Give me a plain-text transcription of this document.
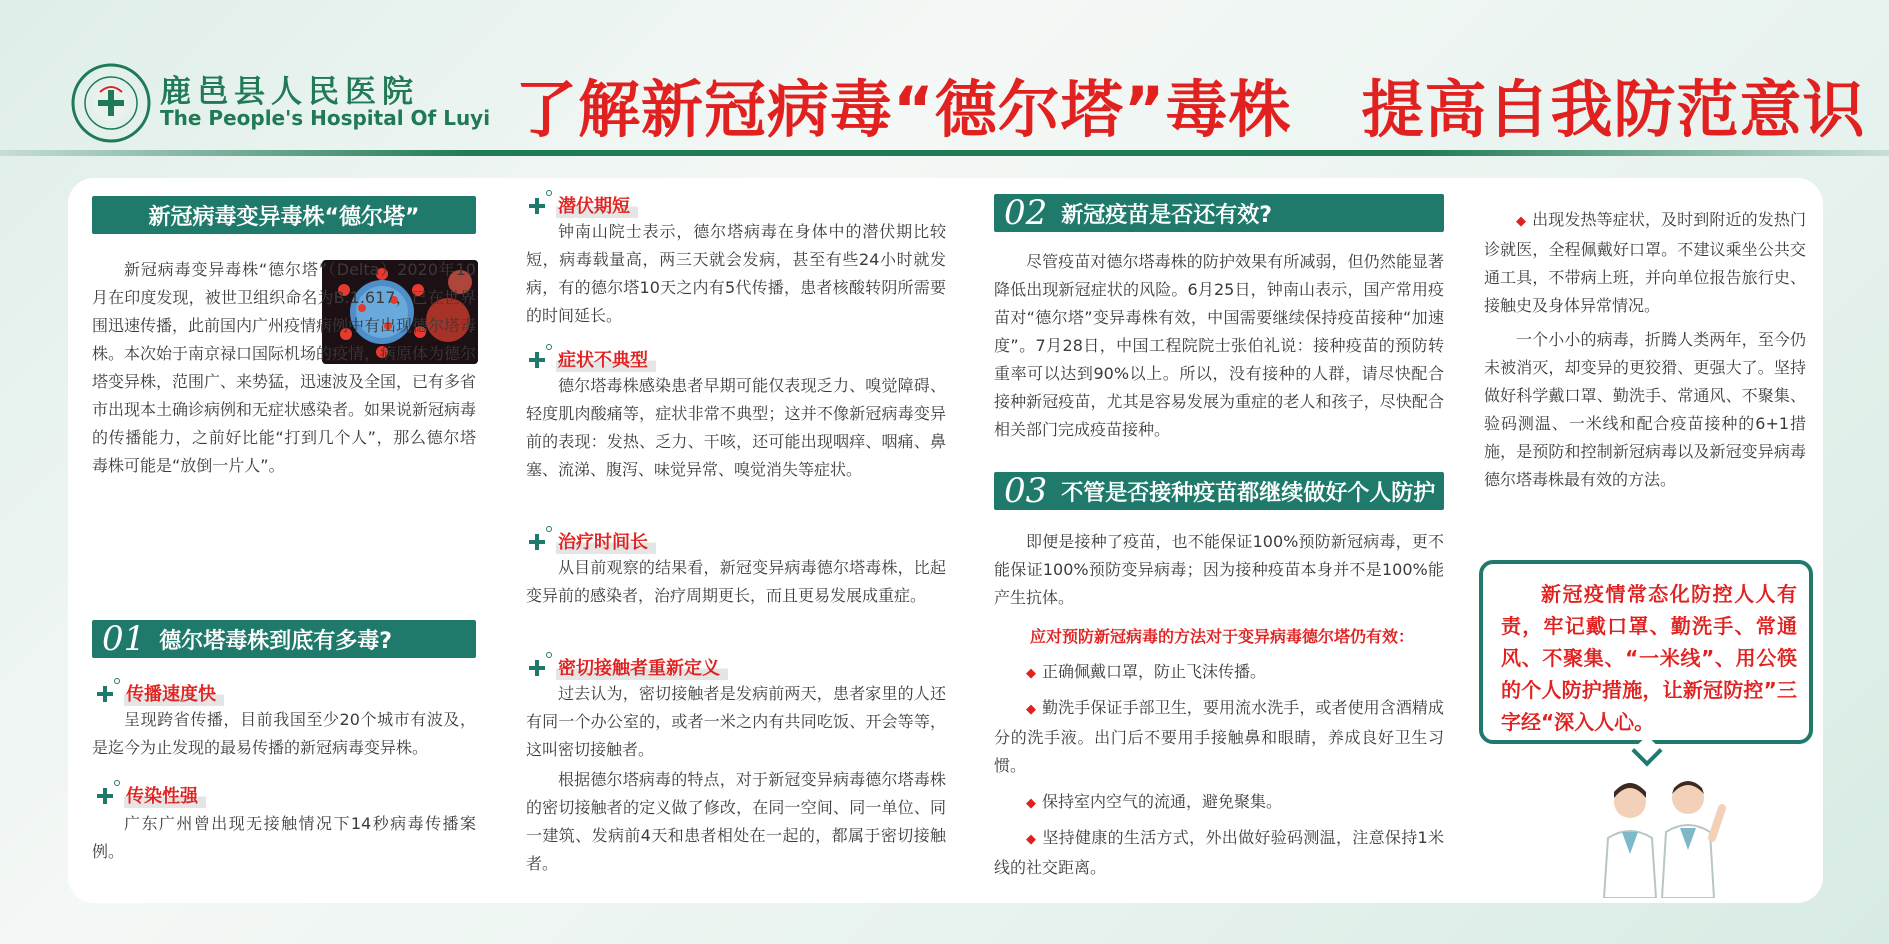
鹿邑县人民医院
The People's Hospital Of Luyi 了解新冠病毒“德尔塔”毒株 提高自我防范意识
新冠病毒变异毒株“德尔塔”
新冠病毒变异毒株“德尔塔”（Delta）2020年10月在印度发现，被世卫组织命名为B.1.617，已在世界围迅速传播，此前国内广州疫情病例中有出现德尔塔毒株。本次始于南京禄口国际机场的疫情，病原体为德尔塔变异株，范围广、来势猛，迅速波及全国，已有多省市出现本土确诊病例和无症状感染者。如果说新冠病毒的传播能力，之前好比能“打到几个人”，那么德尔塔毒株可能是“放倒一片人”。
01 德尔塔毒株到底有多毒?
传播速度快
呈现跨省传播，目前我国至少20个城市有波及，是迄今为止发现的最易传播的新冠病毒变异株。
传染性强
广东广州曾出现无接触情况下14秒病毒传播案例。
潜伏期短
钟南山院士表示，德尔塔病毒在身体中的潜伏期比较短，病毒载量高，两三天就会发病，甚至有些24小时就发病，有的德尔塔10天之内有5代传播，患者核酸转阴所需要的时间延长。
症状不典型
德尔塔毒株感染患者早期可能仅表现乏力、嗅觉障碍、轻度肌肉酸痛等，症状非常不典型；这并不像新冠病毒变异前的表现：发热、乏力、干咳，还可能出现咽痒、咽痛、鼻塞、流涕、腹泻、味觉异常、嗅觉消失等症状。
治疗时间长
从目前观察的结果看，新冠变异病毒德尔塔毒株，比起变异前的感染者，治疗周期更长，而且更易发展成重症。
密切接触者重新定义
过去认为，密切接触者是发病前两天，患者家里的人还有同一个办公室的，或者一米之内有共同吃饭、开会等等，这叫密切接触者。
根据德尔塔病毒的特点，对于新冠变异病毒德尔塔毒株的密切接触者的定义做了修改，在同一空间、同一单位、同一建筑、发病前4天和患者相处在一起的，都属于密切接触者。
02 新冠疫苗是否还有效?
尽管疫苗对德尔塔毒株的防护效果有所减弱，但仍然能显著降低出现新冠症状的风险。6月25日，钟南山表示，国产常用疫苗对“德尔塔”变异毒株有效，中国需要继续保持疫苗接种“加速度”。7月28日，中国工程院院士张伯礼说：接种疫苗的预防转重率可以达到90%以上。所以，没有接种的人群，请尽快配合接种新冠疫苗，尤其是容易发展为重症的老人和孩子，尽快配合相关部门完成疫苗接种。
03 不管是否接种疫苗都继续做好个人防护
即便是接种了疫苗，也不能保证100%预防新冠病毒，更不能保证100%预防变异病毒；因为接种疫苗本身并不是100%能产生抗体。
应对预防新冠病毒的方法对于变异病毒德尔塔仍有效：
◆ 正确佩戴口罩，防止飞沫传播。
◆ 勤洗手保证手部卫生，要用流水洗手，或者使用含酒精成分的洗手液。出门后不要用手接触鼻和眼睛，养成良好卫生习惯。
◆ 保持室内空气的流通，避免聚集。
◆ 坚持健康的生活方式，外出做好验码测温，注意保持1米线的社交距离。
◆ 出现发热等症状，及时到附近的发热门诊就医，全程佩戴好口罩。不建议乘坐公共交通工具，不带病上班，并向单位报告旅行史、接触史及身体异常情况。
一个小小的病毒，折腾人类两年，至今仍未被消灭，却变异的更狡猾、更强大了。坚持做好科学戴口罩、勤洗手、常通风、不聚集、验码测温、一米线和配合疫苗接种的6+1措施，是预防和控制新冠病毒以及新冠变异病毒德尔塔毒株最有效的方法。
新冠疫情常态化防控人人有责，牢记戴口罩、勤洗手、常通风、不聚集、“一米线”、用公筷的个人防护措施，让新冠防控”三字经“深入人心。
